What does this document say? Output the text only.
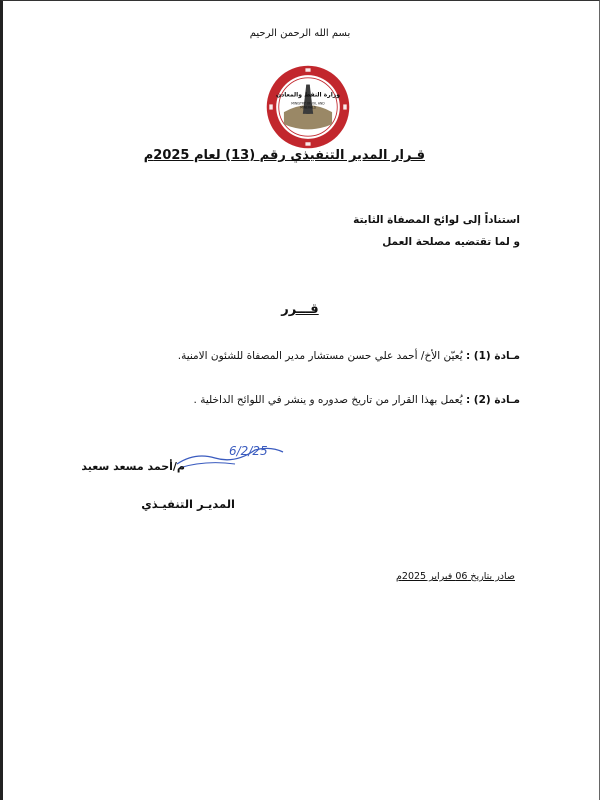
بسم الله الرحمن الرحيم
وزارة النفط والمعادن
MINISTRY OF OIL AND
MINERALS
قـرار المدير التنفيذي رقم (13) لعام 2025م
استناداً إلى لوائح المصفاة الثابتة
و لما تقتضيه مصلحة العمل
قـــرر
مـادة (1) : يُعيّن الأخ/ أحمد علي حسن مستشار مدير المصفاة للشئون الامنية.
مـادة (2) : يُعمل بهذا القرار من تاريخ صدوره و ينشر في اللوائح الداخلية .
6/2/25
م/أحمد مسعد سعيد
المديـر التنفيـذي
صادر بتاريخ 06 فبراير 2025م
